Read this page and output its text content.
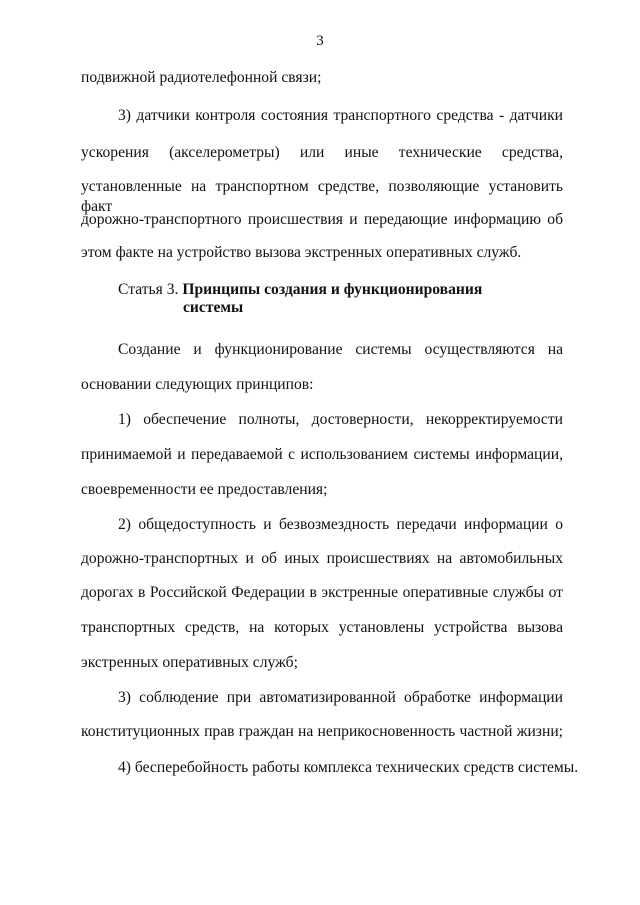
3
подвижной радиотелефонной связи;
3) датчики контроля состояния транспортного средства - датчики
ускорения (акселерометры) или иные технические средства,
установленные на транспортном средстве, позволяющие установить факт
дорожно-транспортного происшествия и передающие информацию об
этом факте на устройство вызова экстренных оперативных служб.
Статья 3. Принципы создания и функционирования
системы
Создание и функционирование системы осуществляются на
основании следующих принципов:
1) обеспечение полноты, достоверности, некорректируемости
принимаемой и передаваемой с использованием системы информации,
своевременности ее предоставления;
2) общедоступность и безвозмездность передачи информации о
дорожно-транспортных и об иных происшествиях на автомобильных
дорогах в Российской Федерации в экстренные оперативные службы от
транспортных средств, на которых установлены устройства вызова
экстренных оперативных служб;
3) соблюдение при автоматизированной обработке информации
конституционных прав граждан на неприкосновенность частной жизни;
4) бесперебойность работы комплекса технических средств системы.
